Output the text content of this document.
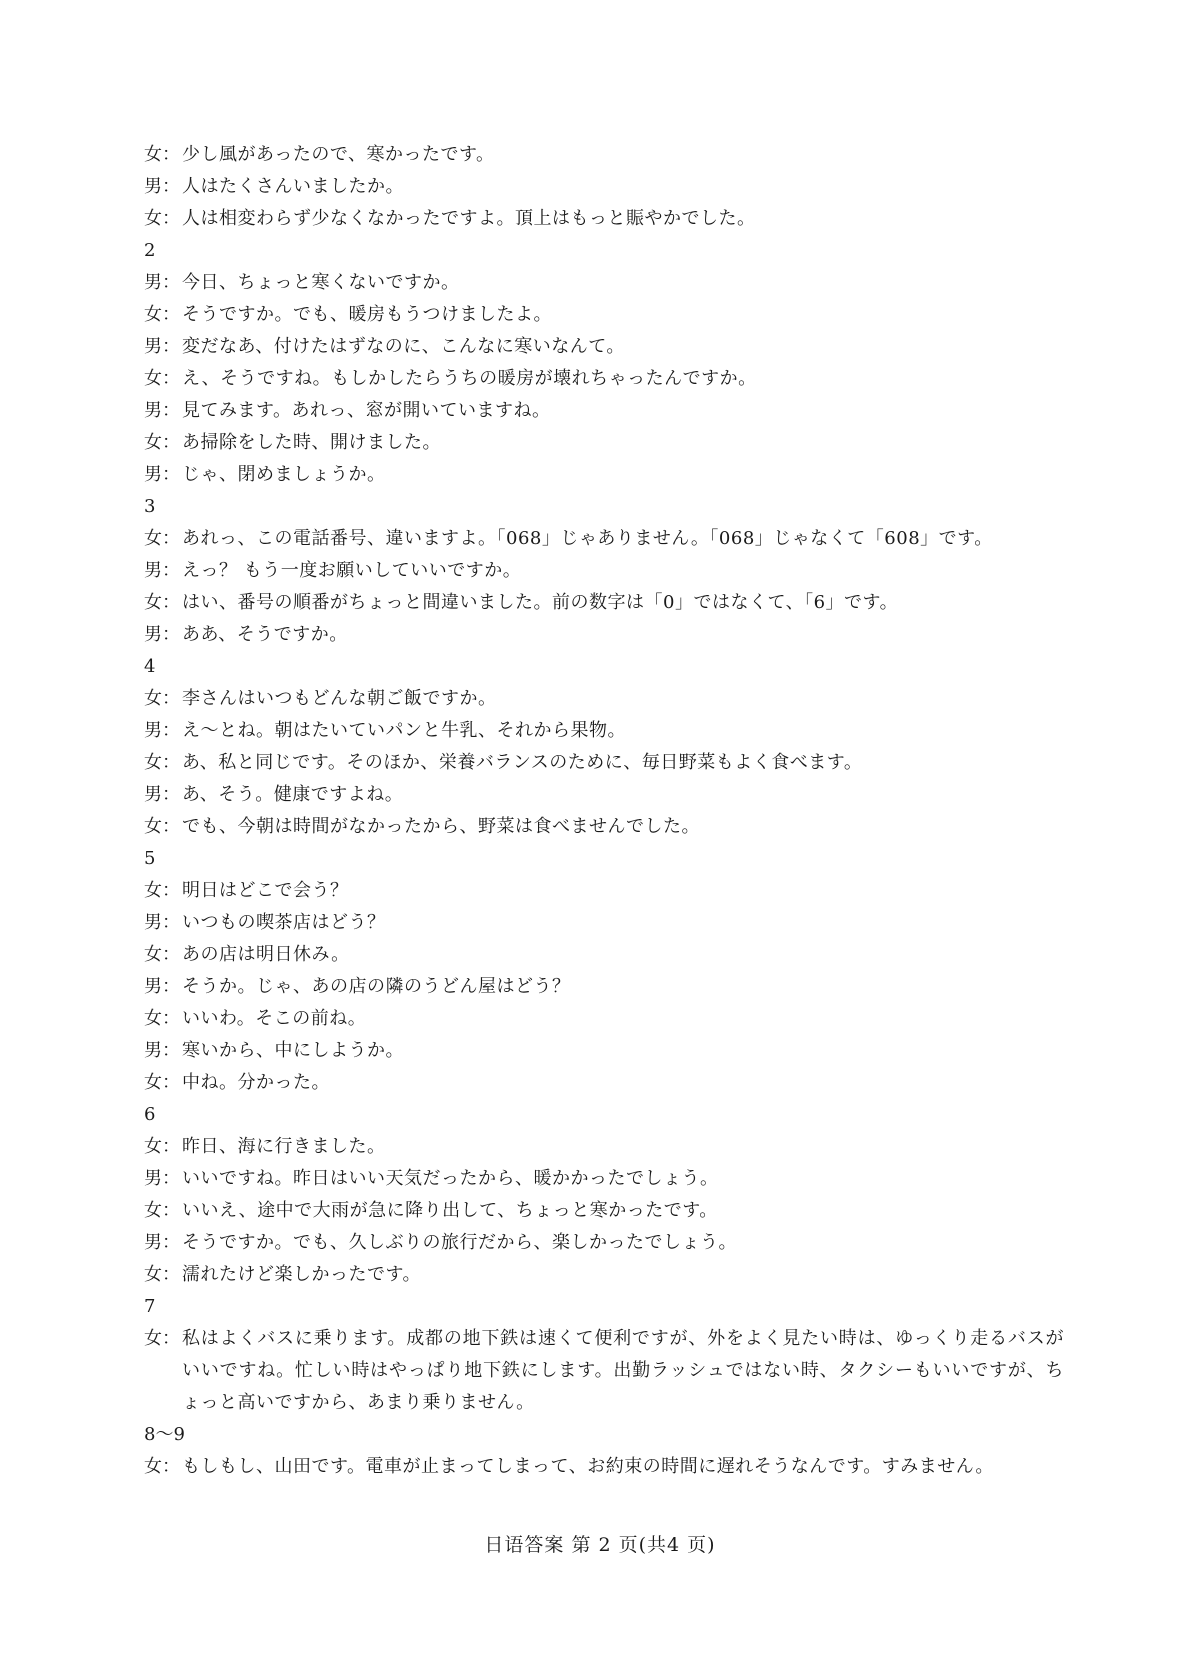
女： 少し風があったので、寒かったです。
男： 人はたくさんいましたか。
女： 人は相変わらず少なくなかったですよ。頂上はもっと賑やかでした。
2
男： 今日、ちょっと寒くないですか。
女： そうですか。でも、暖房もうつけましたよ。
男： 変だなあ、付けたはずなのに、こんなに寒いなんて。
女： え、そうですね。もしかしたらうちの暖房が壊れちゃったんですか。
男： 見てみます。あれっ、窓が開いていますね。
女： あ掃除をした時、開けました。
男： じゃ、閉めましょうか。
3
女： あれっ、この電話番号、違いますよ。「068」じゃありません。「068」じゃなくて「608」です。
男： えっ？ もう一度お願いしていいですか。
女： はい、番号の順番がちょっと間違いました。前の数字は「0」ではなくて、「6」です。
男： ああ、そうですか。
4
女： 李さんはいつもどんな朝ご飯ですか。
男： え～とね。朝はたいていパンと牛乳、それから果物。
女： あ、私と同じです。そのほか、栄養バランスのために、毎日野菜もよく食べます。
男： あ、そう。健康ですよね。
女： でも、今朝は時間がなかったから、野菜は食べませんでした。
5
女： 明日はどこで会う？
男： いつもの喫茶店はどう？
女： あの店は明日休み。
男： そうか。じゃ、あの店の隣のうどん屋はどう？
女： いいわ。そこの前ね。
男： 寒いから、中にしようか。
女： 中ね。分かった。
6
女： 昨日、海に行きました。
男： いいですね。昨日はいい天気だったから、暖かかったでしょう。
女： いいえ、途中で大雨が急に降り出して、ちょっと寒かったです。
男： そうですか。でも、久しぶりの旅行だから、楽しかったでしょう。
女： 濡れたけど楽しかったです。
7
女： 私はよくバスに乗ります。成都の地下鉄は速くて便利ですが、外をよく見たい時は、ゆっくり走るバスがいいですね。忙しい時はやっぱり地下鉄にします。出勤ラッシュではない時、タクシーもいいですが、ちょっと高いですから、あまり乗りません。
8～9
女： もしもし、山田です。電車が止まってしまって、お約束の時間に遅れそうなんです。すみません。
日语答案 第 2 页(共4 页)
